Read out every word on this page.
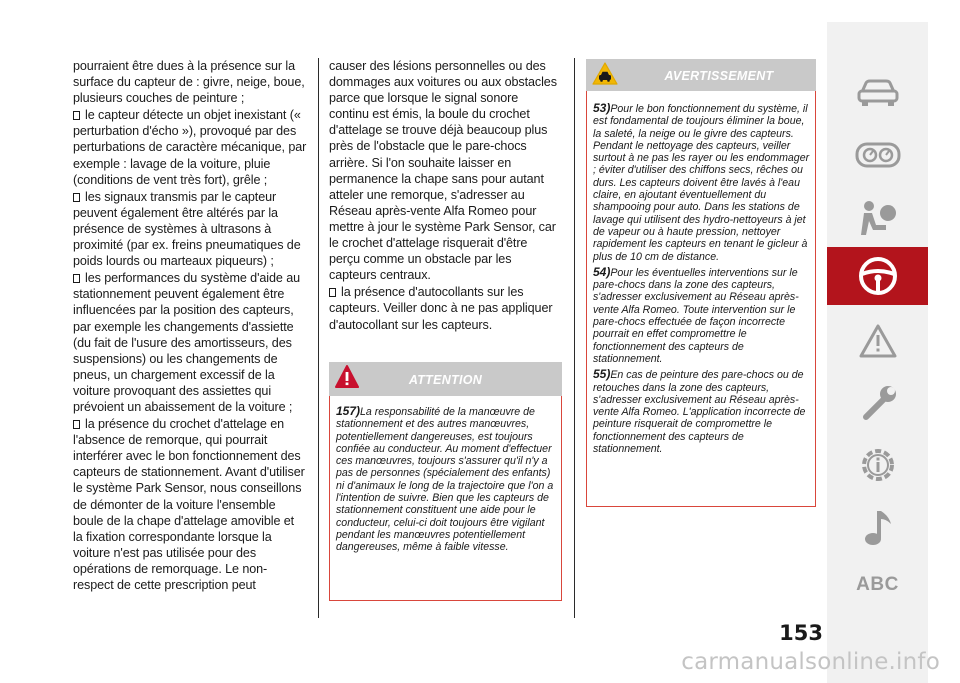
pourraient être dues à la présence sur la surface du capteur de : givre, neige, boue, plusieurs couches de peinture ;

le capteur détecte un objet inexistant (« perturbation d'écho »), provoqué par des perturbations de caractère mécanique, par exemple : lavage de la voiture, pluie (conditions de vent très fort), grêle ;

les signaux transmis par le capteur peuvent également être altérés par la présence de systèmes à ultrasons à proximité (par ex. freins pneumatiques de poids lourds ou marteaux piqueurs) ;

les performances du système d'aide au stationnement peuvent également être influencées par la position des capteurs, par exemple les changements d'assiette (du fait de l'usure des amortisseurs, des suspensions) ou les changements de pneus, un chargement excessif de la voiture provoquant des assiettes qui prévoient un abaissement de la voiture ;

la présence du crochet d'attelage en l'absence de remorque, qui pourrait interférer avec le bon fonctionnement des capteurs de stationnement. Avant d'utiliser le système Park Sensor, nous conseillons de démonter de la voiture l'ensemble boule de la chape d'attelage amovible et la fixation correspondante lorsque la voiture n'est pas utilisée pour des opérations de remorquage. Le non-respect de cette prescription peut

causer des lésions personnelles ou des dommages aux voitures ou aux obstacles parce que lorsque le signal sonore continu est émis, la boule du crochet d'attelage se trouve déjà beaucoup plus près de l'obstacle que le pare-chocs arrière. Si l'on souhaite laisser en permanence la chape sans pour autant atteler une remorque, s'adresser au Réseau après-vente Alfa Romeo pour mettre à jour le système Park Sensor, car le crochet d'attelage risquerait d'être perçu comme un obstacle par les capteurs centraux.

la présence d'autocollants sur les capteurs. Veiller donc à ne pas appliquer d'autocollant sur les capteurs.

ATTENTION

157)La responsabilité de la manœuvre de stationnement et des autres manœuvres, potentiellement dangereuses, est toujours confiée au conducteur. Au moment d'effectuer ces manœuvres, toujours s'assurer qu'il n'y a pas de personnes (spécialement des enfants) ni d'animaux le long de la trajectoire que l'on a l'intention de suivre. Bien que les capteurs de stationnement constituent une aide pour le conducteur, celui-ci doit toujours être vigilant pendant les manœuvres potentiellement dangereuses, même à faible vitesse.

AVERTISSEMENT

53)Pour le bon fonctionnement du système, il est fondamental de toujours éliminer la boue, la saleté, la neige ou le givre des capteurs. Pendant le nettoyage des capteurs, veiller surtout à ne pas les rayer ou les endommager ; éviter d'utiliser des chiffons secs, rêches ou durs. Les capteurs doivent être lavés à l'eau claire, en ajoutant éventuellement du shampooing pour auto. Dans les stations de lavage qui utilisent des hydro-nettoyeurs à jet de vapeur ou à haute pression, nettoyer rapidement les capteurs en tenant le gicleur à plus de 10 cm de distance.

54)Pour les éventuelles interventions sur le pare-chocs dans la zone des capteurs, s'adresser exclusivement au Réseau après-vente Alfa Romeo. Toute intervention sur le pare-chocs effectuée de façon incorrecte pourrait en effet compromettre le fonctionnement des capteurs de stationnement.

55)En cas de peinture des pare-chocs ou de retouches dans la zone des capteurs, s'adresser exclusivement au Réseau après-vente Alfa Romeo. L'application incorrecte de peinture risquerait de compromettre le fonctionnement des capteurs de stationnement.

ABC
153
carmanualsonline.info
